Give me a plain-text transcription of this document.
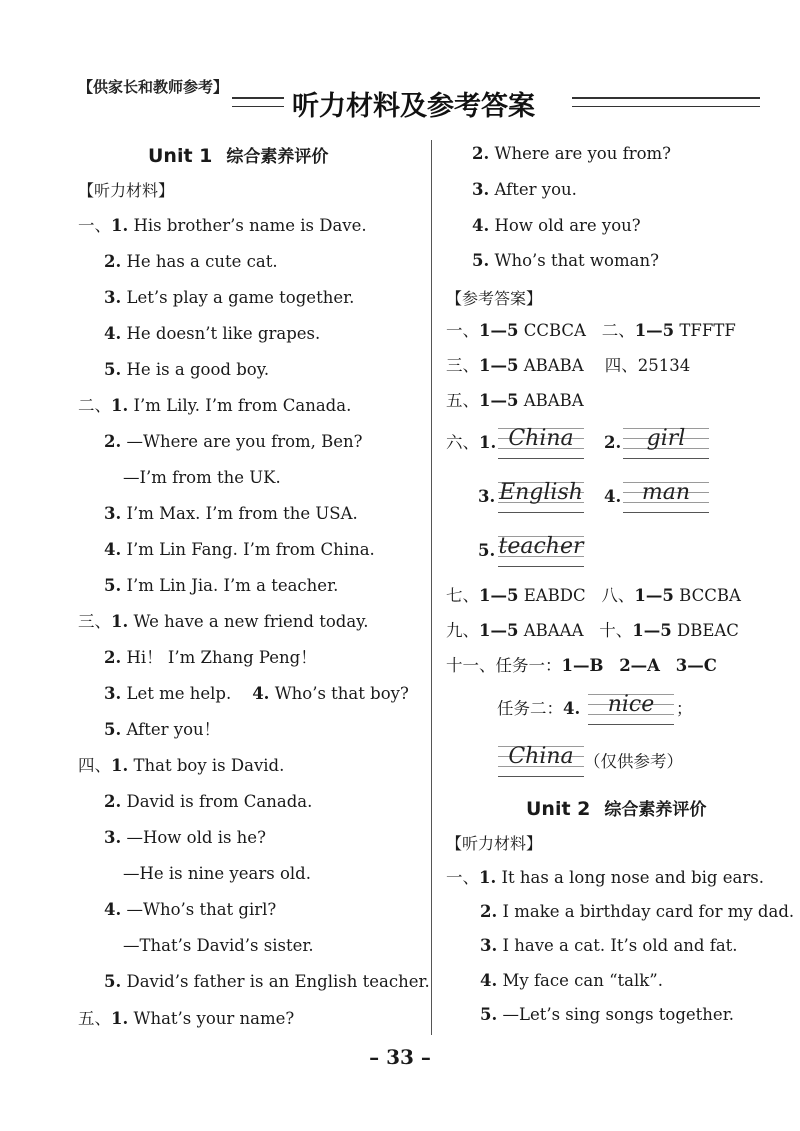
【供家长和教师参考】
听力材料及参考答案
Unit 1 综合素养评价
【听力材料】
一、1. His brother’s name is Dave.
2. He has a cute cat.
3. Let’s play a game together.
4. He doesn’t like grapes.
5. He is a good boy.
二、1. I’m Lily. I’m from Canada.
2. —Where are you from, Ben?
—I’m from the UK.
3. I’m Max. I’m from the USA.
4. I’m Lin Fang. I’m from China.
5. I’m Lin Jia. I’m a teacher.
三、1. We have a new friend today.
2. Hi！ I’m Zhang Peng！
3. Let me help. 4. Who’s that boy?
5. After you！
四、1. That boy is David.
2. David is from Canada.
3. —How old is he?
—He is nine years old.
4. —Who’s that girl?
—That’s David’s sister.
5. David’s father is an English teacher.
五、1. What’s your name?
2. Where are you from?
3. After you.
4. How old are you?
5. Who’s that woman?
【参考答案】
一、1—5 CCBCA 二、1—5 TFFTF
三、1—5 ABABA 四、25134
五、1—5 ABABA
六、1. China	2.	girl
3. English 4. man
5. teacher
七、1—5 EABDC 八、1—5 BCCBA
九、1—5 ABAAA 十、1—5 DBEAC
十一、任务一：1—B 2—A 3—C
任务二：4.	nice	；
China （仅供参考）
Unit 2 综合素养评价
【听力材料】
一、1. It has a long nose and big ears.
2. I make a birthday card for my dad.
3. I have a cat. It’s old and fat.
4. My face can “talk”.
5. —Let’s sing songs together.
– 33 –
